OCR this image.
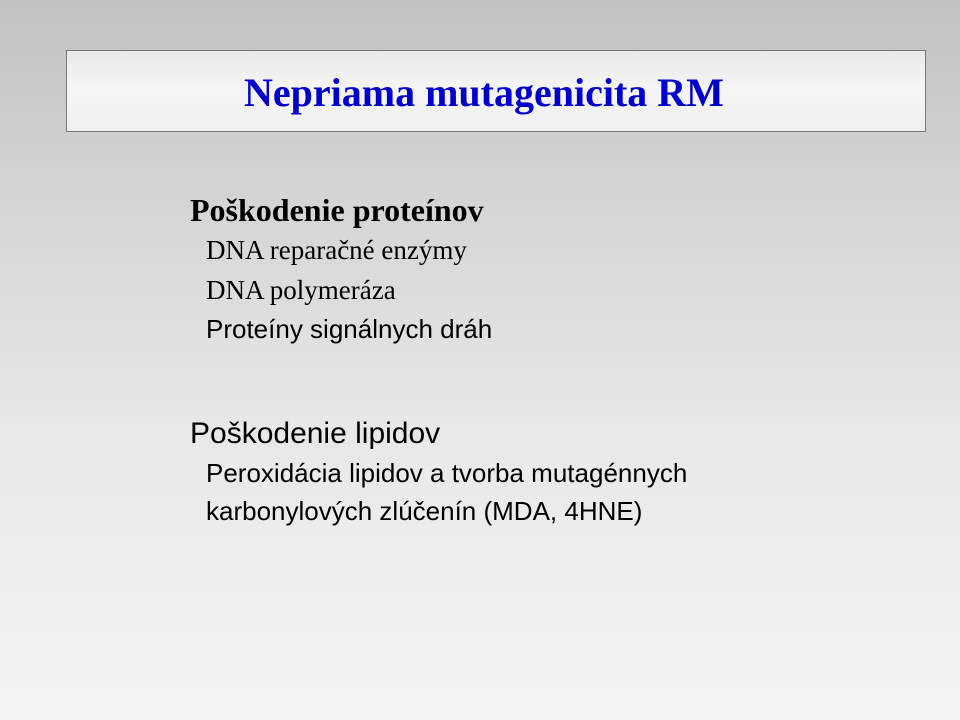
Nepriama mutagenicita RM
Poškodenie proteínov
DNA reparačné enzýmy
DNA polymeráza
Proteíny signálnych dráh
Poškodenie lipidov
Peroxidácia lipidov a tvorba mutagénnych
karbonylových zlúčenín (MDA, 4HNE)
